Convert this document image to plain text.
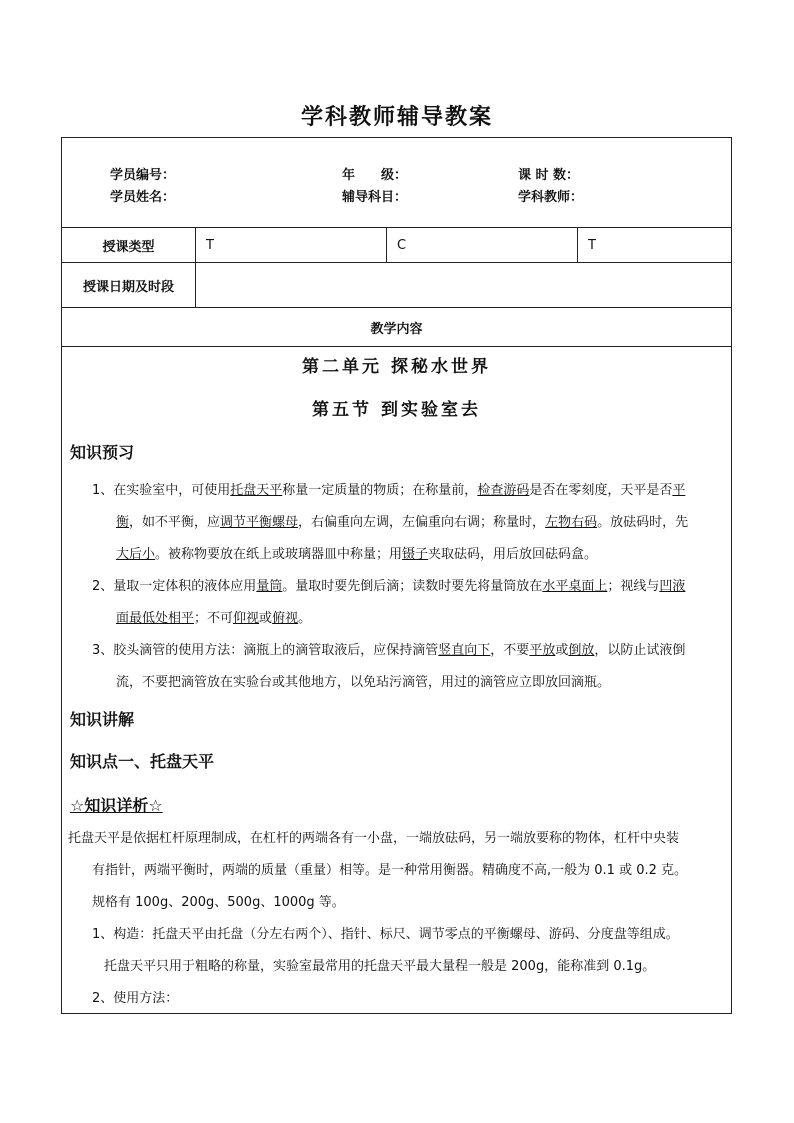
学科教师辅导教案
学员编号：	年　　级：	课 时 数：
学员姓名：	辅导科目：	学科教师：
授课类型	T	C	T
授课日期及时段
教学内容
第二单元 探秘水世界
第五节 到实验室去
知识预习
1、在实验室中，可使用托盘天平称量一定质量的物质；在称量前，检查游码是否在零刻度，天平是否平
衡，如不平衡，应调节平衡螺母，右偏重向左调，左偏重向右调；称量时，左物右码。放砝码时，先
大后小。被称物要放在纸上或玻璃器皿中称量；用镊子夹取砝码，用后放回砝码盒。
2、量取一定体积的液体应用量筒。量取时要先倒后滴；读数时要先将量筒放在水平桌面上；视线与凹液
面最低处相平；不可仰视或俯视。
3、胶头滴管的使用方法：滴瓶上的滴管取液后，应保持滴管竖直向下，不要平放或倒放，以防止试液倒
流，不要把滴管放在实验台或其他地方，以免玷污滴管，用过的滴管应立即放回滴瓶。
知识讲解
知识点一、托盘天平
☆知识详析☆
托盘天平是依据杠杆原理制成，在杠杆的两端各有一小盘，一端放砝码，另一端放要称的物体，杠杆中央装
有指针，两端平衡时，两端的质量（重量）相等。是一种常用衡器。精确度不高,一般为 0.1 或 0.2 克。
规格有 100g、200g、500g、1000g 等。
1、构造：托盘天平由托盘（分左右两个）、指针、标尺、调节零点的平衡螺母、游码、分度盘等组成。
托盘天平只用于粗略的称量，实验室最常用的托盘天平最大量程一般是 200g，能称准到 0.1g。
2、使用方法：
